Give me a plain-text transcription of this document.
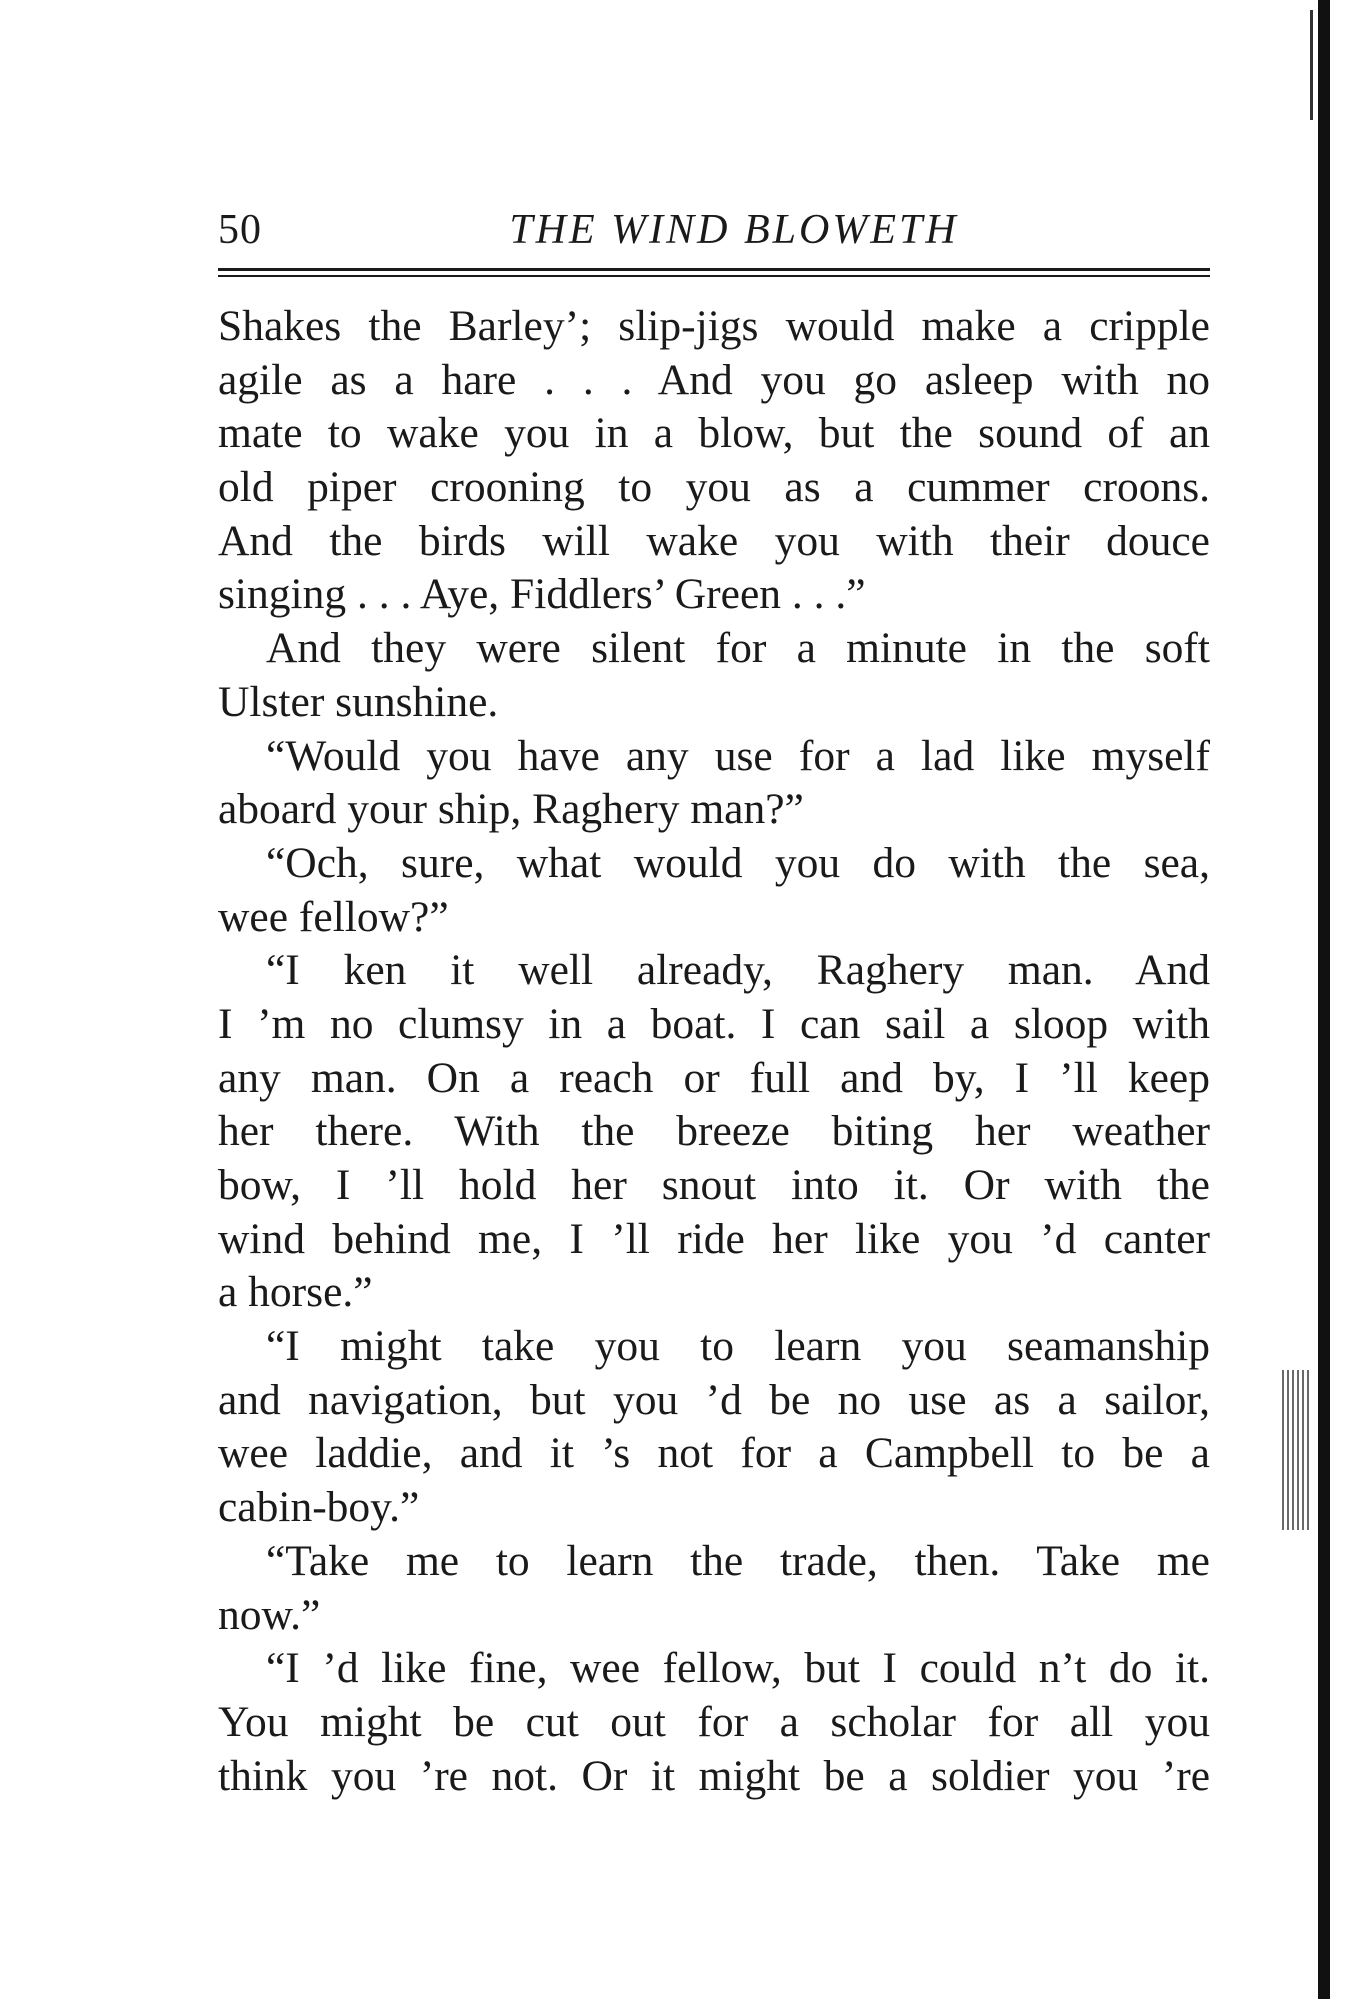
50	THE WIND BLOWETH
Shakes the Barley’; slip-jigs would make a cripple
agile as a hare . . . And you go asleep with no
mate to wake you in a blow, but the sound of an
old piper crooning to you as a cummer croons.
And the birds will wake you with their douce
singing . . . Aye, Fiddlers’ Green . . .”
And they were silent for a minute in the soft
Ulster sunshine.
“Would you have any use for a lad like myself
aboard your ship, Raghery man?”
“Och, sure, what would you do with the sea,
wee fellow?”
“I ken it well already, Raghery man. And
I ’m no clumsy in a boat. I can sail a sloop with
any man. On a reach or full and by, I ’ll keep
her there. With the breeze biting her weather
bow, I ’ll hold her snout into it. Or with the
wind behind me, I ’ll ride her like you ’d canter
a horse.”
“I might take you to learn you seamanship
and navigation, but you ’d be no use as a sailor,
wee laddie, and it ’s not for a Campbell to be a
cabin-boy.”
“Take me to learn the trade, then. Take me
now.”
“I ’d like fine, wee fellow, but I could n’t do it.
You might be cut out for a scholar for all you
think you ’re not. Or it might be a soldier you ’re
